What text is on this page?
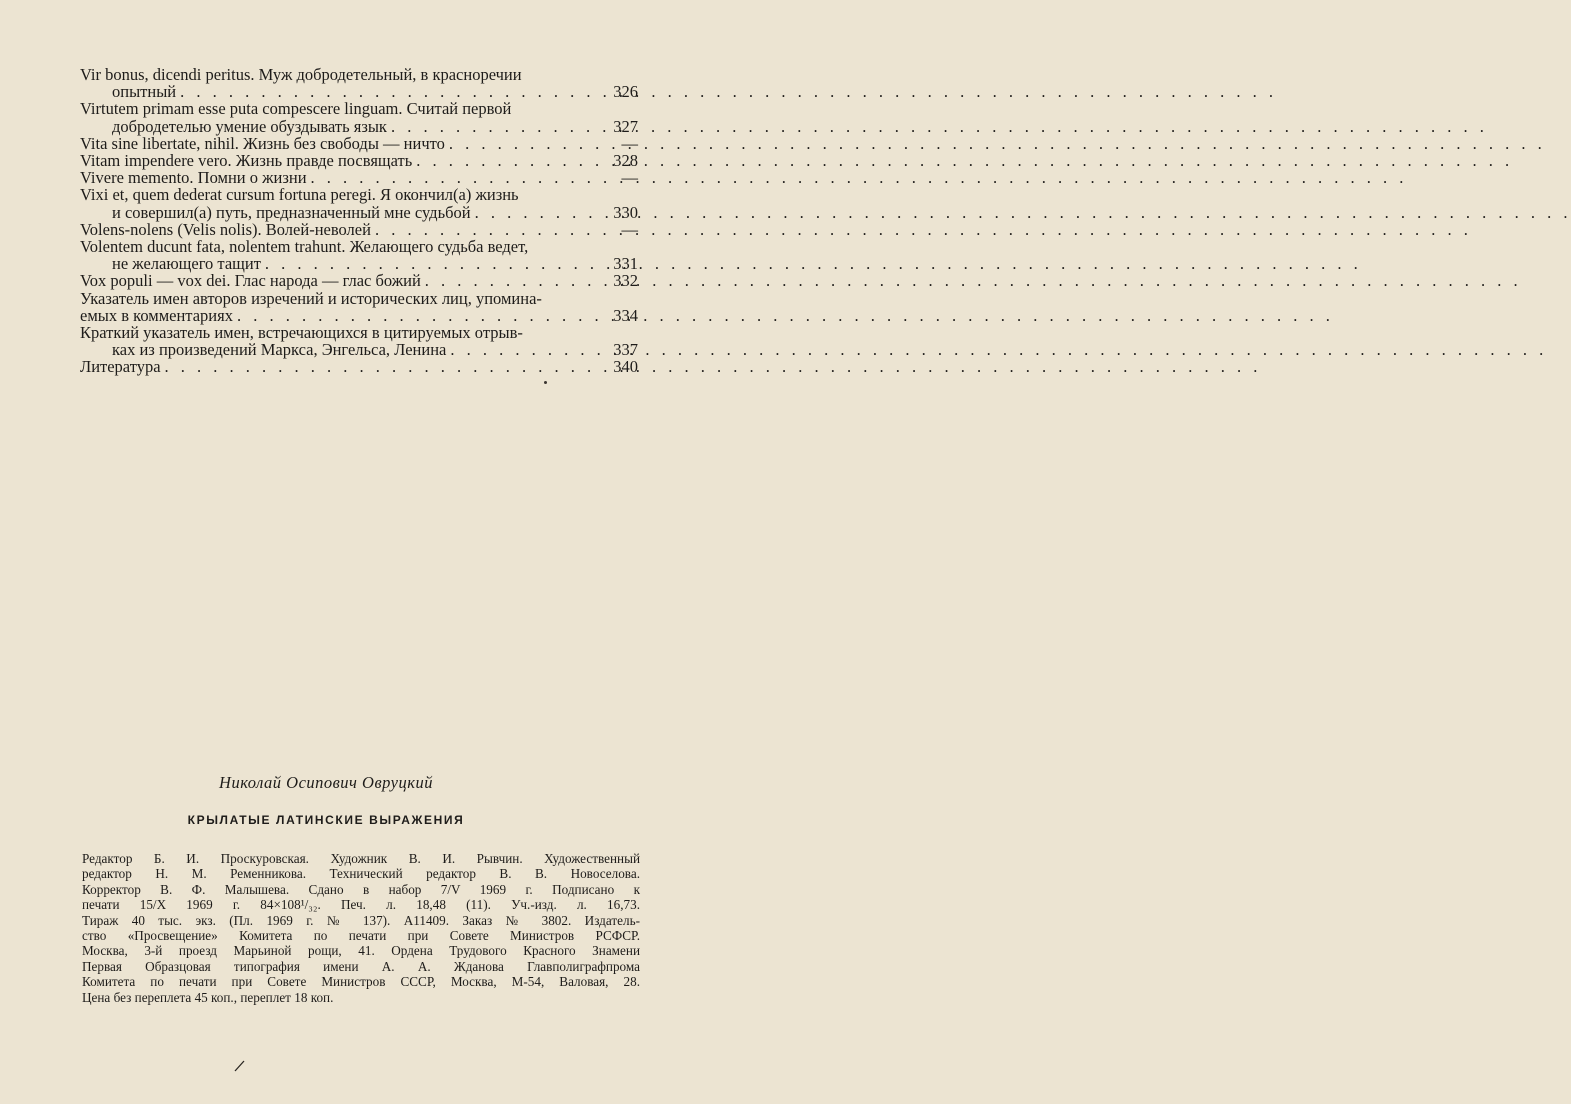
Vir bonus, dicendi peritus. Муж добродетельный, в красноречии
опытный . . .	326
Virtutem primam esse puta compescere linguam. Считай первой
добродетелью умение обуздывать язык . . .	327
Vita sine libertate, nihil. Жизнь без свободы — ничто . . .	—
Vitam impendere vero. Жизнь правде посвящать . . .	328
Vivere memento. Помни о жизни . . .	—
Vixi et, quem dederat cursum fortuna peregi. Я окончил(а) жизнь
и совершил(а) путь, предназначенный мне судьбой . . .	330
Volens-nolens (Velis nolis). Волей-неволей . . .	—
Volentem ducunt fata, nolentem trahunt. Желающего судьба ведет,
не желающего тащит . . .	331
Vox populi — vox dei. Глас народа — глас божий . . .	332
Указатель имен авторов изречений и исторических лиц, упомина-
емых в комментариях . . .	334
Краткий указатель имен, встречающихся в цитируемых отрыв-
ках из произведений Маркса, Энгельса, Ленина . . .	337
Литература . . .	340
Николай Осипович Овруцкий
КРЫЛАТЫЕ ЛАТИНСКИЕ ВЫРАЖЕНИЯ
Редактор Б. И. Проскуровская. Художник В. И. Рывчин. Художественный
редактор Н. М. Ременникова. Технический редактор В. В. Новоселова.
Корректор В. Ф. Малышева. Сдано в набор 7/V 1969 г. Подписано к
печати 15/X 1969 г. 84×108¹/₃₂. Печ. л. 18,48 (11). Уч.-изд. л. 16,73.
Тираж 40 тыс. экз. (Пл. 1969 г. № 137). А11409. Заказ № 3802. Издатель-
ство «Просвещение» Комитета по печати при Совете Министров РСФСР.
Москва, 3-й проезд Марьиной рощи, 41. Ордена Трудового Красного Знамени
Первая Образцовая типография имени А. А. Жданова Главполиграфпрома
Комитета по печати при Совете Министров СССР, Москва, М-54, Валовая, 28.
Цена без переплета 45 коп., переплет 18 коп.
